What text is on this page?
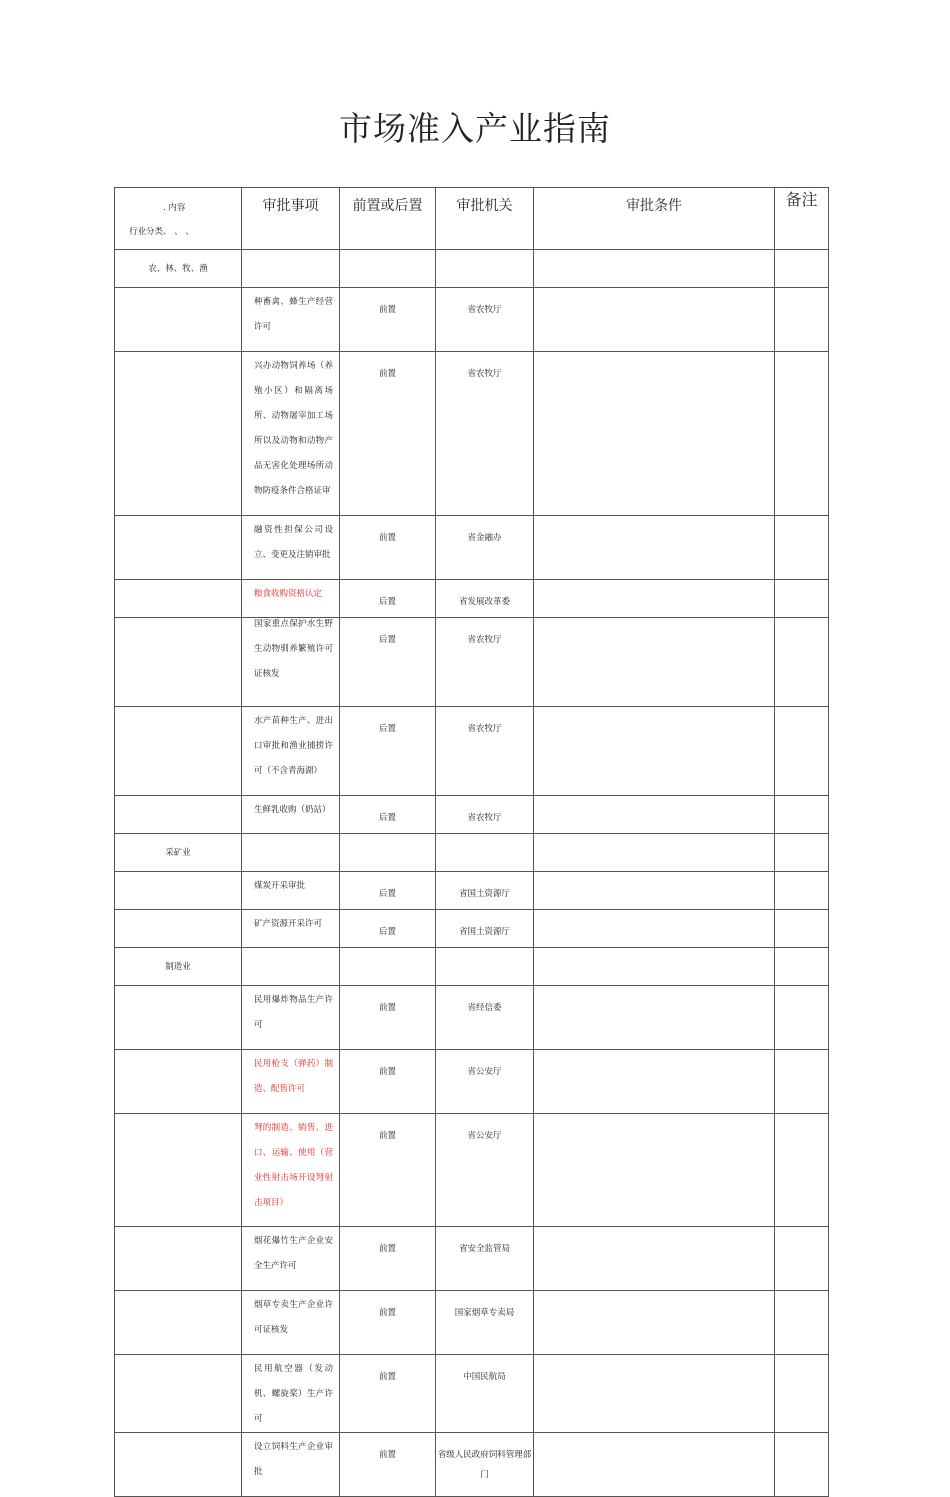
市场准入产业指南
. 内容
行业分类、 、 、	审批事项	前置或后置	审批机关	审批条件	备注

农、林、牧、渔					

	种畜禽、蜂生产经营许可	前置	省农牧厅		

	兴办动物饲养场（养殖小区）和隔离场所、动物屠宰加工场所以及动物和动物产品无害化处理场所动物防疫条件合格证审	前置	省农牧厅		

	融资性担保公司设立、变更及注销审批	前置	省金融办		

	粮食收购资格认定	后置	省发展改革委		

	国家重点保护水生野生动物驯养繁殖许可证核发	后置	省农牧厅		

	水产苗种生产、进出口审批和渔业捕捞许可（不含青海湖）	后置	省农牧厅		

	生鲜乳收购（奶站）	后置	省农牧厅		

采矿业					

	煤炭开采审批	后置	省国土资源厅		

	矿产资源开采许可	后置	省国土资源厅		

制造业					

	民用爆炸物品生产许可	前置	省经信委		

	民用枪支（弹药）制造、配售许可	前置	省公安厅		

	弩的制造、销售、进口、运输、使用（营业性射击场开设弩射击项目）	前置	省公安厅		

	烟花爆竹生产企业安全生产许可	前置	省安全监管局		

	烟草专卖生产企业许可证核发	前置	国家烟草专卖局		

	民用航空器（发动机、螺旋桨）生产许可	前置	中国民航局		

	设立饲料生产企业审批	前置	省级人民政府饲料管理部门		
